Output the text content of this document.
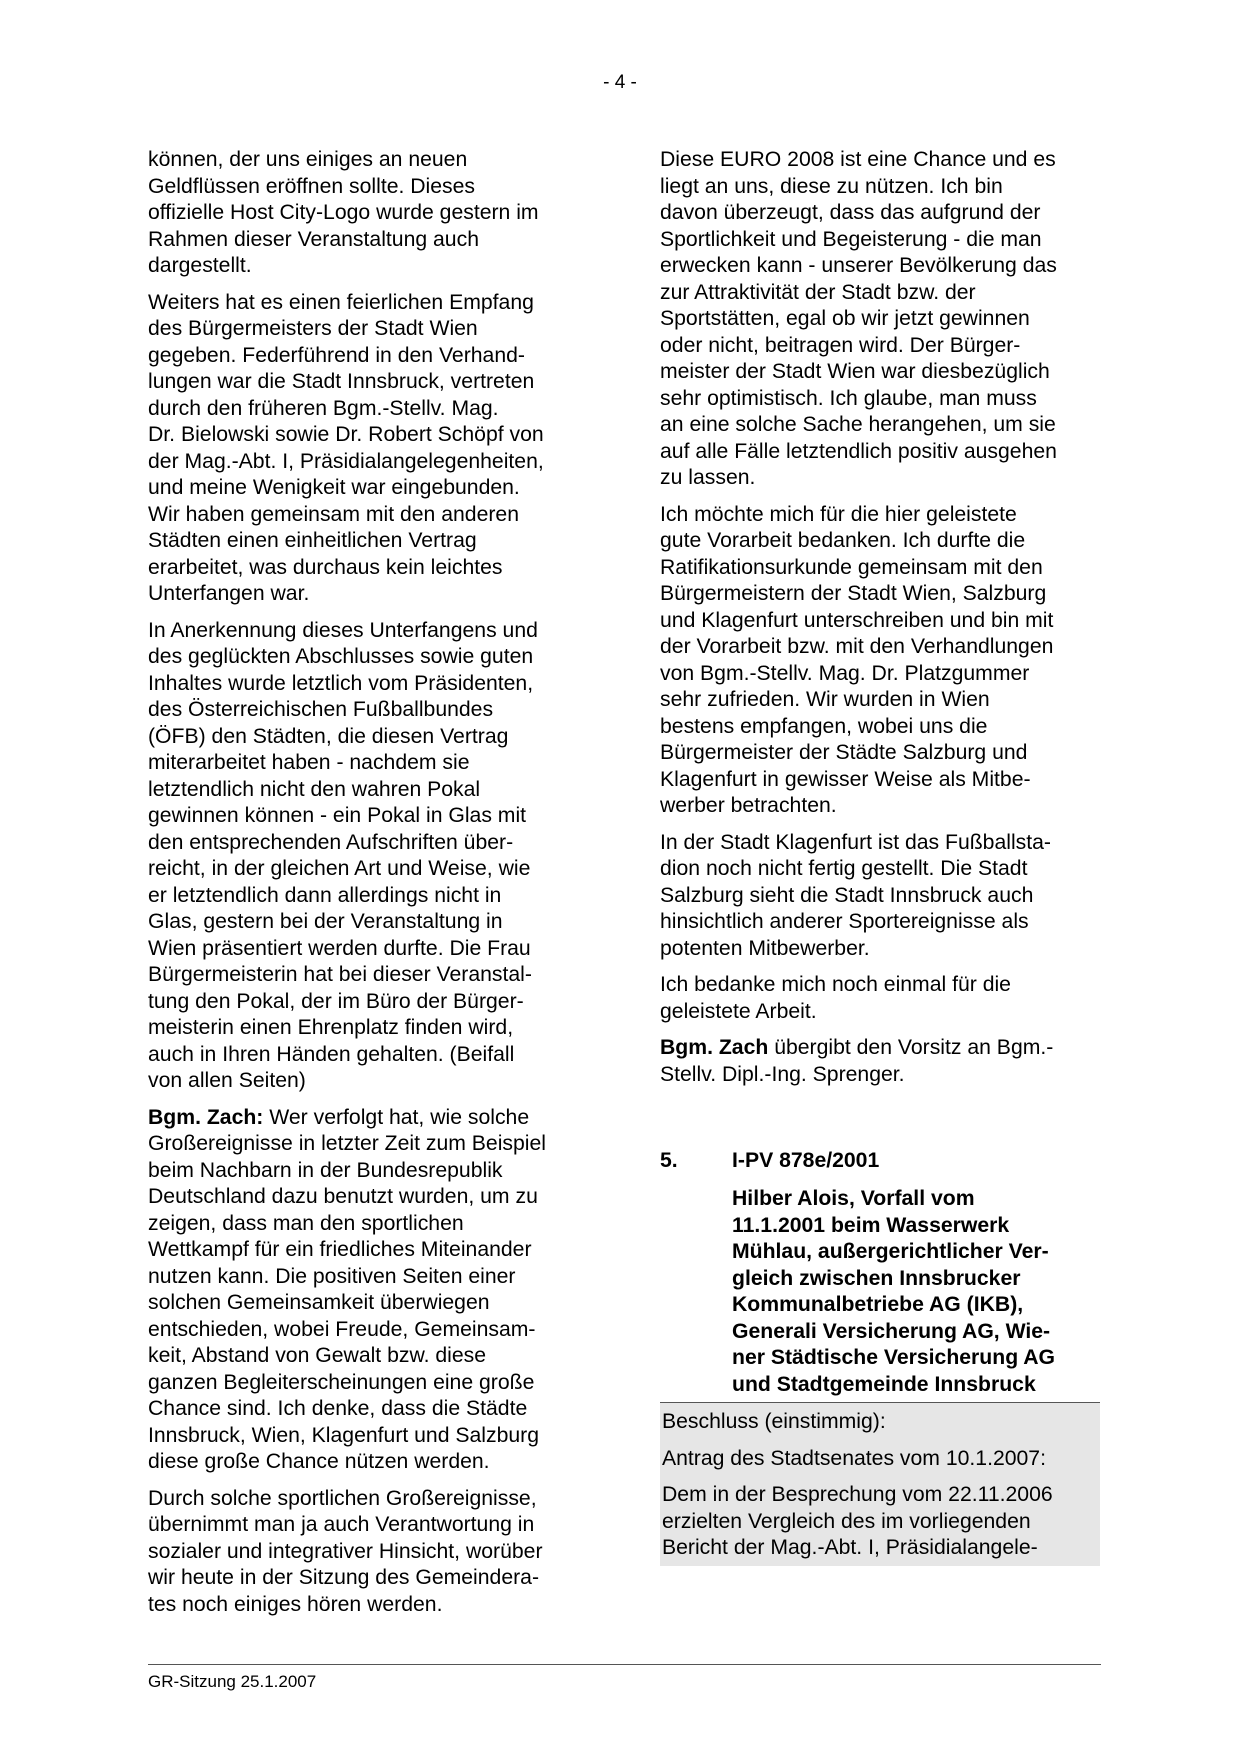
- 4 -

können, der uns einiges an neuen
Geldflüssen eröffnen sollte. Dieses
offizielle Host City-Logo wurde gestern im
Rahmen dieser Veranstaltung auch
dargestellt.

Weiters hat es einen feierlichen Empfang
des Bürgermeisters der Stadt Wien
gegeben. Federführend in den Verhand-
lungen war die Stadt Innsbruck, vertreten
durch den früheren Bgm.-Stellv. Mag.
Dr. Bielowski sowie Dr. Robert Schöpf von
der Mag.-Abt. I, Präsidialangelegenheiten,
und meine Wenigkeit war eingebunden.
Wir haben gemeinsam mit den anderen
Städten einen einheitlichen Vertrag
erarbeitet, was durchaus kein leichtes
Unterfangen war.

In Anerkennung dieses Unterfangens und
des geglückten Abschlusses sowie guten
Inhaltes wurde letztlich vom Präsidenten,
des Österreichischen Fußballbundes
(ÖFB) den Städten, die diesen Vertrag
miterarbeitet haben - nachdem sie
letztendlich nicht den wahren Pokal
gewinnen können - ein Pokal in Glas mit
den entsprechenden Aufschriften über-
reicht, in der gleichen Art und Weise, wie
er letztendlich dann allerdings nicht in
Glas, gestern bei der Veranstaltung in
Wien präsentiert werden durfte. Die Frau
Bürgermeisterin hat bei dieser Veranstal-
tung den Pokal, der im Büro der Bürger-
meisterin einen Ehrenplatz finden wird,
auch in Ihren Händen gehalten. (Beifall
von allen Seiten)

Bgm. Zach: Wer verfolgt hat, wie solche
Großereignisse in letzter Zeit zum Beispiel
beim Nachbarn in der Bundesrepublik
Deutschland dazu benutzt wurden, um zu
zeigen, dass man den sportlichen
Wettkampf für ein friedliches Miteinander
nutzen kann. Die positiven Seiten einer
solchen Gemeinsamkeit überwiegen
entschieden, wobei Freude, Gemeinsam-
keit, Abstand von Gewalt bzw. diese
ganzen Begleiterscheinungen eine große
Chance sind. Ich denke, dass die Städte
Innsbruck, Wien, Klagenfurt und Salzburg
diese große Chance nützen werden.

Durch solche sportlichen Großereignisse,
übernimmt man ja auch Verantwortung in
sozialer und integrativer Hinsicht, worüber
wir heute in der Sitzung des Gemeindera-
tes noch einiges hören werden.

Diese EURO 2008 ist eine Chance und es
liegt an uns, diese zu nützen. Ich bin
davon überzeugt, dass das aufgrund der
Sportlichkeit und Begeisterung - die man
erwecken kann - unserer Bevölkerung das
zur Attraktivität der Stadt bzw. der
Sportstätten, egal ob wir jetzt gewinnen
oder nicht, beitragen wird. Der Bürger-
meister der Stadt Wien war diesbezüglich
sehr optimistisch. Ich glaube, man muss
an eine solche Sache herangehen, um sie
auf alle Fälle letztendlich positiv ausgehen
zu lassen.

Ich möchte mich für die hier geleistete
gute Vorarbeit bedanken. Ich durfte die
Ratifikationsurkunde gemeinsam mit den
Bürgermeistern der Stadt Wien, Salzburg
und Klagenfurt unterschreiben und bin mit
der Vorarbeit bzw. mit den Verhandlungen
von Bgm.-Stellv. Mag. Dr. Platzgummer
sehr zufrieden. Wir wurden in Wien
bestens empfangen, wobei uns die
Bürgermeister der Städte Salzburg und
Klagenfurt in gewisser Weise als Mitbe-
werber betrachten.

In der Stadt Klagenfurt ist das Fußballsta-
dion noch nicht fertig gestellt. Die Stadt
Salzburg sieht die Stadt Innsbruck auch
hinsichtlich anderer Sportereignisse als
potenten Mitbewerber.

Ich bedanke mich noch einmal für die
geleistete Arbeit.

Bgm. Zach übergibt den Vorsitz an Bgm.-
Stellv. Dipl.-Ing. Sprenger.

5.	I-PV 878e/2001
Hilber Alois, Vorfall vom
11.1.2001 beim Wasserwerk
Mühlau, außergerichtlicher Ver-
gleich zwischen Innsbrucker
Kommunalbetriebe AG (IKB),
Generali Versicherung AG, Wie-
ner Städtische Versicherung AG
und Stadtgemeinde Innsbruck

Beschluss (einstimmig):

Antrag des Stadtsenates vom 10.1.2007:

Dem in der Besprechung vom 22.11.2006
erzielten Vergleich des im vorliegenden
Bericht der Mag.-Abt. I, Präsidialangele-

GR-Sitzung 25.1.2007
